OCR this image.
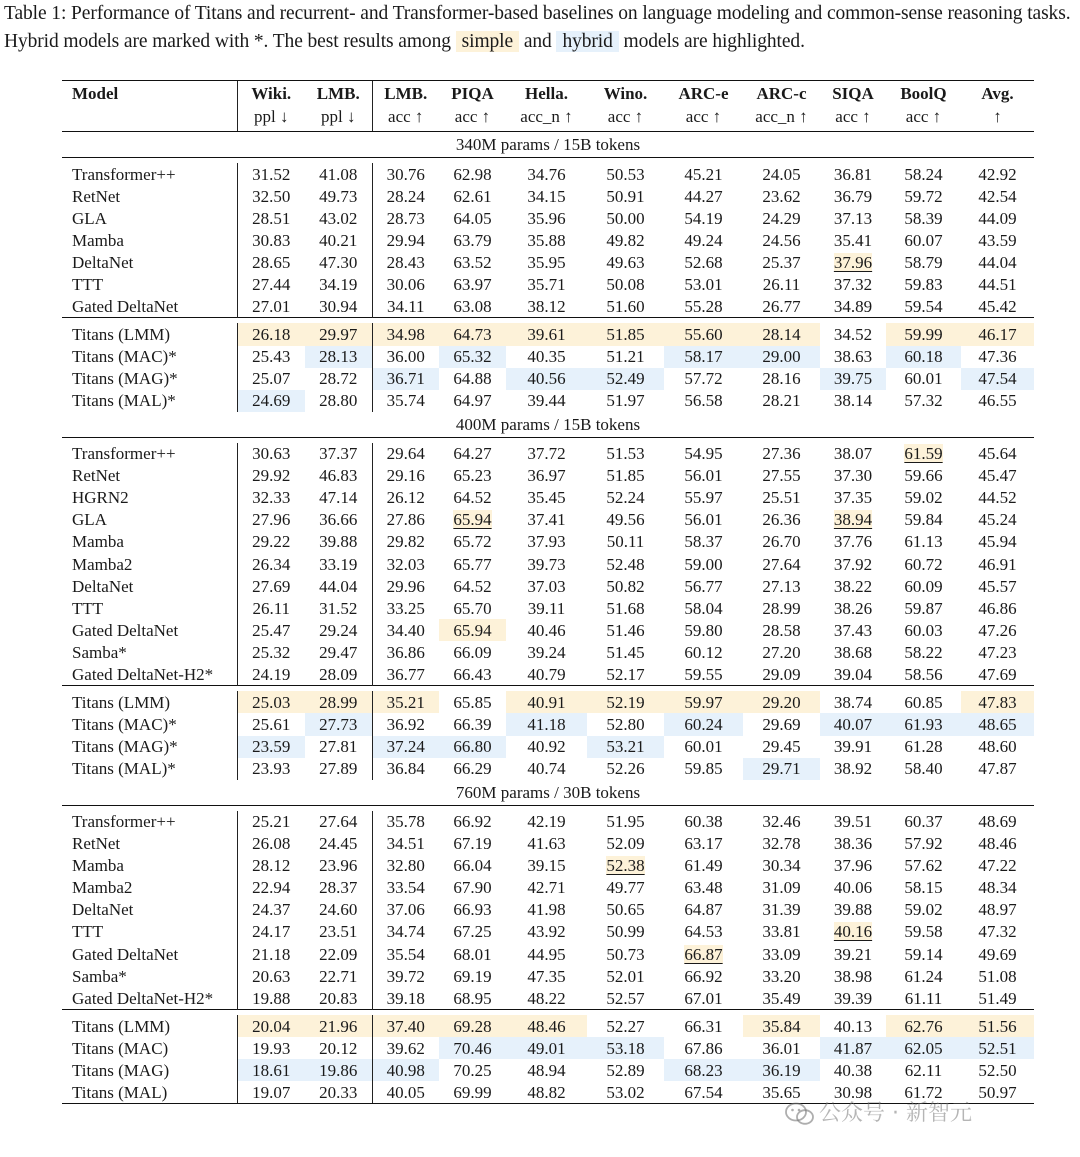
Table 1: Performance of Titans and recurrent- and Transformer-based baselines on language modeling and common-sense reasoning tasks. Hybrid models are marked with *. The best results among simple and hybrid models are highlighted.
Model	Wiki.	LMB.	LMB.	PIQA	Hella.	Wino.	ARC-e	ARC-c	SIQA	BoolQ	Avg.
	ppl ↓	ppl ↓	acc ↑	acc ↑	acc_n ↑	acc ↑	acc ↑	acc_n ↑	acc ↑	acc ↑	↑
340M params / 15B tokens											

Transformer++	31.52	41.08	30.76	62.98	34.76	50.53	45.21	24.05	36.81	58.24	42.92
RetNet	32.50	49.73	28.24	62.61	34.15	50.91	44.27	23.62	36.79	59.72	42.54
GLA	28.51	43.02	28.73	64.05	35.96	50.00	54.19	24.29	37.13	58.39	44.09
Mamba	30.83	40.21	29.94	63.79	35.88	49.82	49.24	24.56	35.41	60.07	43.59
DeltaNet	28.65	47.30	28.43	63.52	35.95	49.63	52.68	25.37	37.96	58.79	44.04
TTT	27.44	34.19	30.06	63.97	35.71	50.08	53.01	26.11	37.32	59.83	44.51
Gated DeltaNet	27.01	30.94	34.11	63.08	38.12	51.60	55.28	26.77	34.89	59.54	45.42

Titans (LMM)	26.18	29.97	34.98	64.73	39.61	51.85	55.60	28.14	34.52	59.99	46.17
Titans (MAC)*	25.43	28.13	36.00	65.32	40.35	51.21	58.17	29.00	38.63	60.18	47.36
Titans (MAG)*	25.07	28.72	36.71	64.88	40.56	52.49	57.72	28.16	39.75	60.01	47.54
Titans (MAL)*	24.69	28.80	35.74	64.97	39.44	51.97	56.58	28.21	38.14	57.32	46.55
400M params / 15B tokens											

Transformer++	30.63	37.37	29.64	64.27	37.72	51.53	54.95	27.36	38.07	61.59	45.64
RetNet	29.92	46.83	29.16	65.23	36.97	51.85	56.01	27.55	37.30	59.66	45.47
HGRN2	32.33	47.14	26.12	64.52	35.45	52.24	55.97	25.51	37.35	59.02	44.52
GLA	27.96	36.66	27.86	65.94	37.41	49.56	56.01	26.36	38.94	59.84	45.24
Mamba	29.22	39.88	29.82	65.72	37.93	50.11	58.37	26.70	37.76	61.13	45.94
Mamba2	26.34	33.19	32.03	65.77	39.73	52.48	59.00	27.64	37.92	60.72	46.91
DeltaNet	27.69	44.04	29.96	64.52	37.03	50.82	56.77	27.13	38.22	60.09	45.57
TTT	26.11	31.52	33.25	65.70	39.11	51.68	58.04	28.99	38.26	59.87	46.86
Gated DeltaNet	25.47	29.24	34.40	65.94	40.46	51.46	59.80	28.58	37.43	60.03	47.26
Samba*	25.32	29.47	36.86	66.09	39.24	51.45	60.12	27.20	38.68	58.22	47.23
Gated DeltaNet-H2*	24.19	28.09	36.77	66.43	40.79	52.17	59.55	29.09	39.04	58.56	47.69

Titans (LMM)	25.03	28.99	35.21	65.85	40.91	52.19	59.97	29.20	38.74	60.85	47.83
Titans (MAC)*	25.61	27.73	36.92	66.39	41.18	52.80	60.24	29.69	40.07	61.93	48.65
Titans (MAG)*	23.59	27.81	37.24	66.80	40.92	53.21	60.01	29.45	39.91	61.28	48.60
Titans (MAL)*	23.93	27.89	36.84	66.29	40.74	52.26	59.85	29.71	38.92	58.40	47.87
760M params / 30B tokens											

Transformer++	25.21	27.64	35.78	66.92	42.19	51.95	60.38	32.46	39.51	60.37	48.69
RetNet	26.08	24.45	34.51	67.19	41.63	52.09	63.17	32.78	38.36	57.92	48.46
Mamba	28.12	23.96	32.80	66.04	39.15	52.38	61.49	30.34	37.96	57.62	47.22
Mamba2	22.94	28.37	33.54	67.90	42.71	49.77	63.48	31.09	40.06	58.15	48.34
DeltaNet	24.37	24.60	37.06	66.93	41.98	50.65	64.87	31.39	39.88	59.02	48.97
TTT	24.17	23.51	34.74	67.25	43.92	50.99	64.53	33.81	40.16	59.58	47.32
Gated DeltaNet	21.18	22.09	35.54	68.01	44.95	50.73	66.87	33.09	39.21	59.14	49.69
Samba*	20.63	22.71	39.72	69.19	47.35	52.01	66.92	33.20	38.98	61.24	51.08
Gated DeltaNet-H2*	19.88	20.83	39.18	68.95	48.22	52.57	67.01	35.49	39.39	61.11	51.49

Titans (LMM)	20.04	21.96	37.40	69.28	48.46	52.27	66.31	35.84	40.13	62.76	51.56
Titans (MAC)	19.93	20.12	39.62	70.46	49.01	53.18	67.86	36.01	41.87	62.05	52.51
Titans (MAG)	18.61	19.86	40.98	70.25	48.94	52.89	68.23	36.19	40.38	62.11	52.50
Titans (MAL)	19.07	20.33	40.05	69.99	48.82	53.02	67.54	35.65	30.98	61.72	50.97
公众号 · 新智元
